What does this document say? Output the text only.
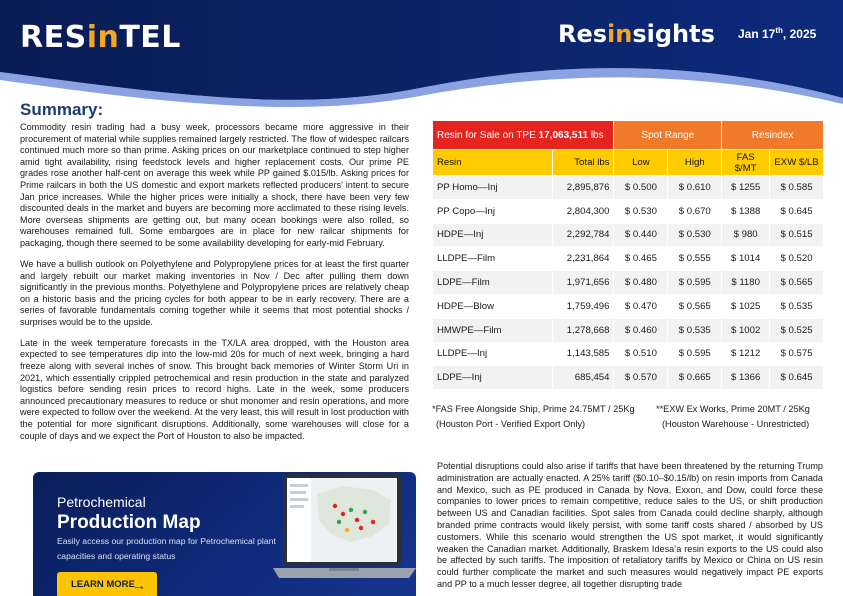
RESinTEL	Resinsights Jan 17th, 2025
Summary:

Commodity resin trading had a busy week, processors became more aggressive in their procurement of material while supplies remained largely restricted. The flow of widespec railcars continued much more so than prime. Asking prices on our marketplace continued to step higher amid tight availability, rising feedstock levels and higher replacement costs. Our prime PE grades rose another half-cent on average this week while PP gained $.015/lb. Asking prices for Prime railcars in both the US domestic and export markets reflected producers’ intent to secure Jan price increases. While the higher prices were initially a shock, there have been very few discounted deals in the market and buyers are becoming more acclimated to these rising levels. More overseas shipments are getting out, but many ocean bookings were also rolled, so warehouses remained full. Some embargoes are in place for new railcar shipments for packaging, though there seemed to be some availability developing for early-mid February.

We have a bullish outlook on Polyethylene and Polypropylene prices for at least the first quarter and largely rebuilt our market making inventories in Nov / Dec after pulling them down significantly in the previous months. Polyethylene and Polypropylene prices are relatively cheap on a historic basis and the pricing cycles for both appear to be in early recovery. There are a series of favorable fundamentals coming together while it seems that most potential shocks / surprises would be to the upside.

Late in the week temperature forecasts in the TX/LA area dropped, with the Houston area expected to see temperatures dip into the low-mid 20s for much of next week, bringing a hard freeze along with several inches of snow. This brought back memories of Winter Storm Uri in 2021, which essentially crippled petrochemical and resin production in the state and paralyzed logistics before sending resin prices to record highs. Late in the week, some producers announced precautionary measures to reduce or shut monomer and resin operations, and more were expected to follow over the weekend. At the very least, this will result in lost production with the potential for more significant disruptions. Additionally, some warehouses will close for a couple of days and we expect the Port of Houston to also be impacted.

Resin for Sale on TPE 17,063,511 lbs		Spot Range		Resindex	
Resin	Total lbs	Low	High	FAS $/MT	EXW $/LB
PP Homo—Inj	2,895,876	$ 0.500	$ 0.610	$ 1255	$ 0.585
PP Copo—Inj	2,804,300	$ 0.530	$ 0.670	$ 1388	$ 0.645
HDPE—Inj	2,292,784	$ 0.440	$ 0.530	$ 980	$ 0.515
LLDPE—Film	2,231,864	$ 0.465	$ 0.555	$ 1014	$ 0.520
LDPE—Film	1,971,656	$ 0.480	$ 0.595	$ 1180	$ 0.565
HDPE—Blow	1,759,496	$ 0.470	$ 0.565	$ 1025	$ 0.535
HMWPE—Film	1,278,668	$ 0.460	$ 0.535	$ 1002	$ 0.525
LLDPE—Inj	1,143,585	$ 0.510	$ 0.595	$ 1212	$ 0.575
LDPE—Inj	685,454	$ 0.570	$ 0.665	$ 1366	$ 0.645
*FAS Free Alongside Ship, Prime 24.75MT / 25Kg
(Houston Port - Verified Export Only)
**EXW Ex Works, Prime 20MT / 25Kg
(Houston Warehouse - Unrestricted)
Potential disruptions could also arise if tariffs that have been threatened by the returning Trump administration are actually enacted. A 25% tariff ($0.10–$0.15/lb) on resin imports from Canada and Mexico, such as PE produced in Canada by Nova, Exxon, and Dow, could force these companies to lower prices to remain competitive, reduce sales to the US, or shift production between US and Canadian facilities. Spot sales from Canada could decline sharply, although branded prime contracts would likely persist, with some tariff costs shared / absorbed by US customers. While this scenario would strengthen the US spot market, it would significantly weaken the Canadian market. Additionally, Braskem Idesa’a resin exports to the US could also be affected by such tariffs. The imposition of retaliatory tariffs by Mexico or China on US resin could further complicate the market and such measures would negatively impact PE exports and PP to a much lesser degree, all together disrupting trade
Petrochemical
Production Map
Easily access our production map for Petrochemical plant capacities and operating status
LEARN MORE
→
